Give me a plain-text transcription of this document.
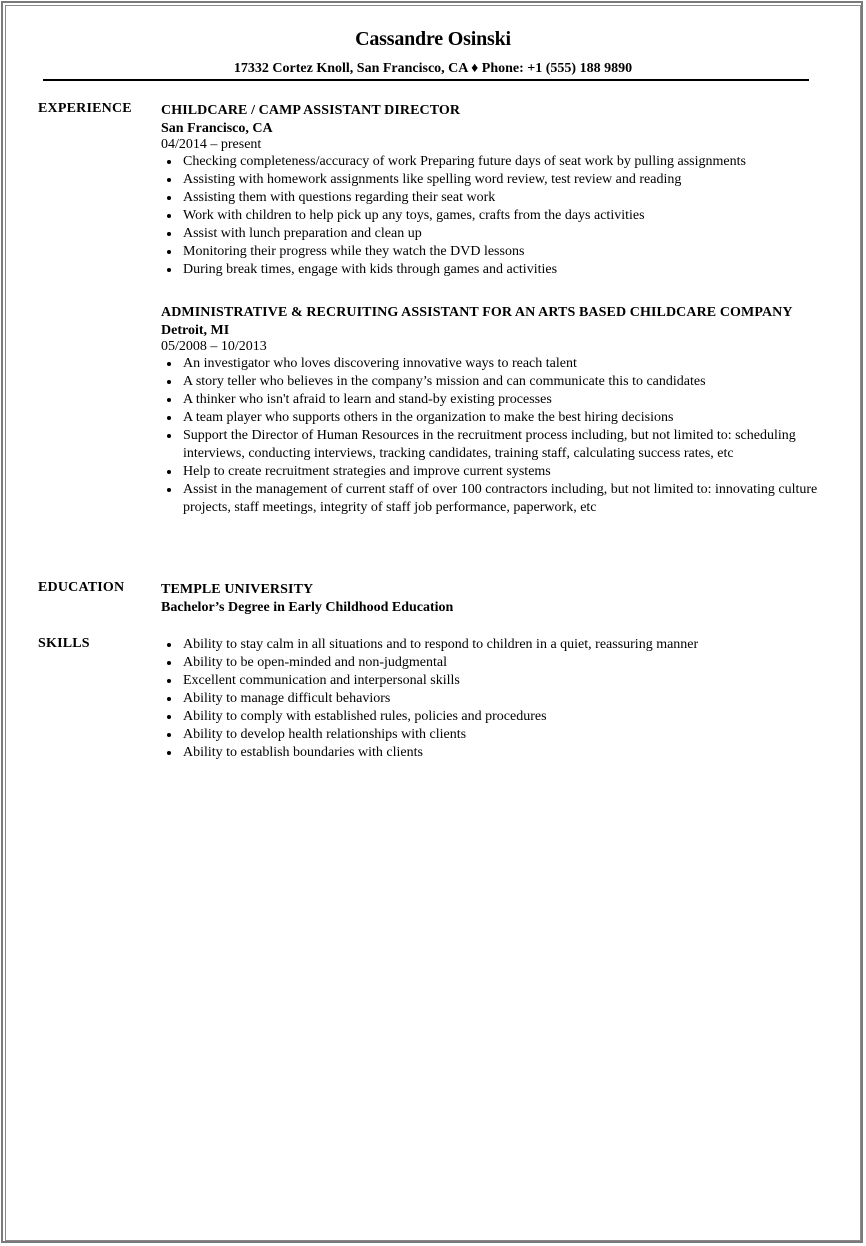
Cassandre Osinski
17332 Cortez Knoll, San Francisco, CA ♦ Phone: +1 (555) 188 9890
EXPERIENCE CHILDCARE / CAMP ASSISTANT DIRECTOR
San Francisco, CA
04/2014 – present
Checking completeness/accuracy of work Preparing future days of seat work by pulling assignments
Assisting with homework assignments like spelling word review, test review and reading
Assisting them with questions regarding their seat work
Work with children to help pick up any toys, games, crafts from the days activities
Assist with lunch preparation and clean up
Monitoring their progress while they watch the DVD lessons
During break times, engage with kids through games and activities
ADMINISTRATIVE & RECRUITING ASSISTANT FOR AN ARTS BASED CHILDCARE COMPANY
Detroit, MI
05/2008 – 10/2013
An investigator who loves discovering innovative ways to reach talent
A story teller who believes in the company’s mission and can communicate this to candidates
A thinker who isn't afraid to learn and stand-by existing processes
A team player who supports others in the organization to make the best hiring decisions
Support the Director of Human Resources in the recruitment process including, but not limited to: scheduling interviews, conducting interviews, tracking candidates, training staff, calculating success rates, etc
Help to create recruitment strategies and improve current systems
Assist in the management of current staff of over 100 contractors including, but not limited to: innovating culture projects, staff meetings, integrity of staff job performance, paperwork, etc
EDUCATION	TEMPLE UNIVERSITY
Bachelor’s Degree in Early Childhood Education
SKILLS	Ability to stay calm in all situations and to respond to children in a quiet, reassuring manner
Ability to be open-minded and non-judgmental
Excellent communication and interpersonal skills
Ability to manage difficult behaviors
Ability to comply with established rules, policies and procedures
Ability to develop health relationships with clients
Ability to establish boundaries with clients
